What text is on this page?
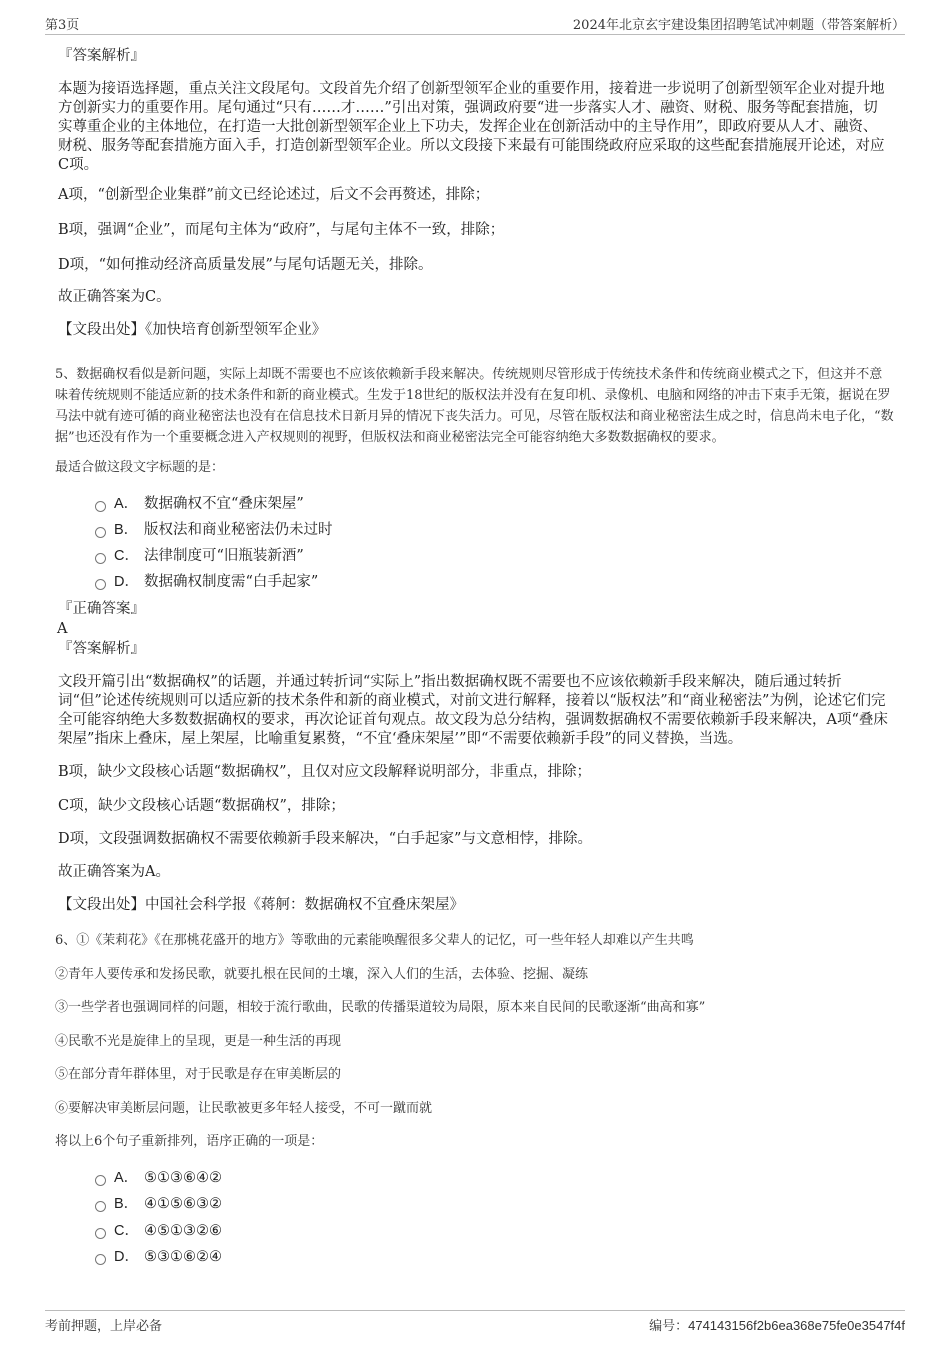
第3页	2024年北京玄宇建设集团招聘笔试冲刺题（带答案解析）

『答案解析』

本题为接语选择题，重点关注文段尾句。文段首先介绍了创新型领军企业的重要作用，接着进一步说明了创新型领军企业对提升地方创新实力的重要作用。尾句通过“只有……才……”引出对策，强调政府要“进一步落实人才、融资、财税、服务等配套措施，切实尊重企业的主体地位，在打造一大批创新型领军企业上下功夫，发挥企业在创新活动中的主导作用”，即政府要从人才、融资、财税、服务等配套措施方面入手，打造创新型领军企业。所以文段接下来最有可能围绕政府应采取的这些配套措施展开论述，对应C项。

A项，“创新型企业集群”前文已经论述过，后文不会再赘述，排除；

B项，强调“企业”，而尾句主体为“政府”，与尾句主体不一致，排除；

D项，“如何推动经济高质量发展”与尾句话题无关，排除。

故正确答案为C。

【文段出处】《加快培育创新型领军企业》

5、数据确权看似是新问题，实际上却既不需要也不应该依赖新手段来解决。传统规则尽管形成于传统技术条件和传统商业模式之下，但这并不意味着传统规则不能适应新的技术条件和新的商业模式。生发于18世纪的版权法并没有在复印机、录像机、电脑和网络的冲击下束手无策，据说在罗马法中就有迹可循的商业秘密法也没有在信息技术日新月异的情况下丧失活力。可见，尽管在版权法和商业秘密法生成之时，信息尚未电子化，“数据”也还没有作为一个重要概念进入产权规则的视野，但版权法和商业秘密法完全可能容纳绝大多数数据确权的要求。

最适合做这段文字标题的是：

A． 数据确权不宜“叠床架屋”
B． 版权法和商业秘密法仍未过时
C． 法律制度可“旧瓶装新酒”
D． 数据确权制度需“白手起家”

『正确答案』

A

『答案解析』

文段开篇引出“数据确权”的话题，并通过转折词“实际上”指出数据确权既不需要也不应该依赖新手段来解决，随后通过转折词“但”论述传统规则可以适应新的技术条件和新的商业模式，对前文进行解释，接着以“版权法”和“商业秘密法”为例，论述它们完全可能容纳绝大多数数据确权的要求，再次论证首句观点。故文段为总分结构，强调数据确权不需要依赖新手段来解决，A项“叠床架屋”指床上叠床，屋上架屋，比喻重复累赘，“不宜‘叠床架屋’”即“不需要依赖新手段”的同义替换，当选。

B项，缺少文段核心话题“数据确权”，且仅对应文段解释说明部分，非重点，排除；

C项，缺少文段核心话题“数据确权”，排除；

D项，文段强调数据确权不需要依赖新手段来解决，“白手起家”与文意相悖，排除。

故正确答案为A。

【文段出处】中国社会科学报《蒋舸：数据确权不宜叠床架屋》

6、①《茉莉花》《在那桃花盛开的地方》等歌曲的元素能唤醒很多父辈人的记忆，可一些年轻人却难以产生共鸣

②青年人要传承和发扬民歌，就要扎根在民间的土壤，深入人们的生活，去体验、挖掘、凝练

③一些学者也强调同样的问题，相较于流行歌曲，民歌的传播渠道较为局限，原本来自民间的民歌逐渐“曲高和寡”

④民歌不光是旋律上的呈现，更是一种生活的再现

⑤在部分青年群体里，对于民歌是存在审美断层的

⑥要解决审美断层问题，让民歌被更多年轻人接受，不可一蹴而就

将以上6个句子重新排列，语序正确的一项是：

A． ⑤①③⑥④②
B． ④①⑤⑥③②
C． ④⑤①③②⑥
D． ⑤③①⑥②④
考前押题，上岸必备	编号：474143156f2b6ea368e75fe0e3547f4f
